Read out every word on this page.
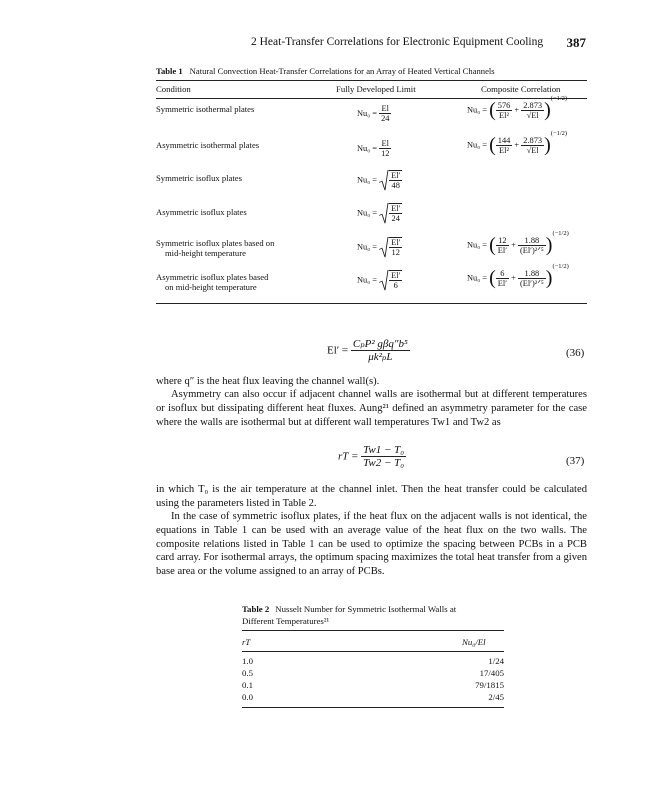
2 Heat-Transfer Correlations for Electronic Equipment Cooling 387
Table 1 Natural Convection Heat-Transfer Correlations for an Array of Heated Vertical Channels
Condition	Fully Developed Limit	Composite Correlation
Symmetric isothermal plates	$Nu_0 = \frac{El}{24}$	Nu₀ = ( $\frac{576}{\text{El²}} + \frac{2.873}{√El} )^{(-1/2)}$
Asymmetric isothermal plates	$Nu_0 = \frac{El}{12}$	Nu₀ = ( $\frac{144}{\text{El²}} + \frac{2.873}{√El} )^{(-1/2)}$
Symmetric isoflux plates	$Nu_0 = \frac{El'}{48}$
Asymmetric isoflux plates	$Nu_0 = \frac{El'}{24}$
Symmetric isoflux plates based on
mid-height temperature
$Nu_0 = \frac{El'}{12}$	Nu₀ = ( $\frac{12}{El'} + \frac{1.88}{\text{(El′)²ᐟ⁵}} )^{(-1/2)}$
Asymmetric isoflux plates based
on mid-height temperature
$Nu_0 = \frac{El'}{6}$	Nu₀ = ( $\frac{6}{El'} + \frac{1.88}{\text{(El′)²ᐟ⁵}} )^{(-1/2)}$
$El' = \frac{\text{CₚP² gβq″b⁵}}{\text{μk²ₚL}}$	(36)
where q″ is the heat flux leaving the channel wall(s).
Asymmetry can also occur if adjacent channel walls are isothermal but at different temperatures or isoflux but dissipating different heat fluxes. Aung²¹ defined an asymmetry parameter for the case where the walls are isothermal but at different wall temperatures Tw1 and Tw2 as
rT = $\frac{\text{Tw1 − T₀}}{\text{Tw2 − T₀}}$	(37)
in which T₀ is the air temperature at the channel inlet. Then the heat transfer could be calculated using the parameters listed in Table 2.
In the case of symmetric isoflux plates, if the heat flux on the adjacent walls is not identical, the equations in Table 1 can be used with an average value of the heat flux on the two walls. The composite relations listed in Table 1 can be used to optimize the spacing between PCBs in a PCB card array. For isothermal arrays, the optimum spacing maximizes the total heat transfer from a given base area or the volume assigned to an array of PCBs.
Table 2 Nusselt Number for Symmetric Isothermal Walls at
Different Temperatures²¹
rT	Nu₀/El
1.0	1/24
0.5	17/405
0.1	79/1815
0.0	2/45
